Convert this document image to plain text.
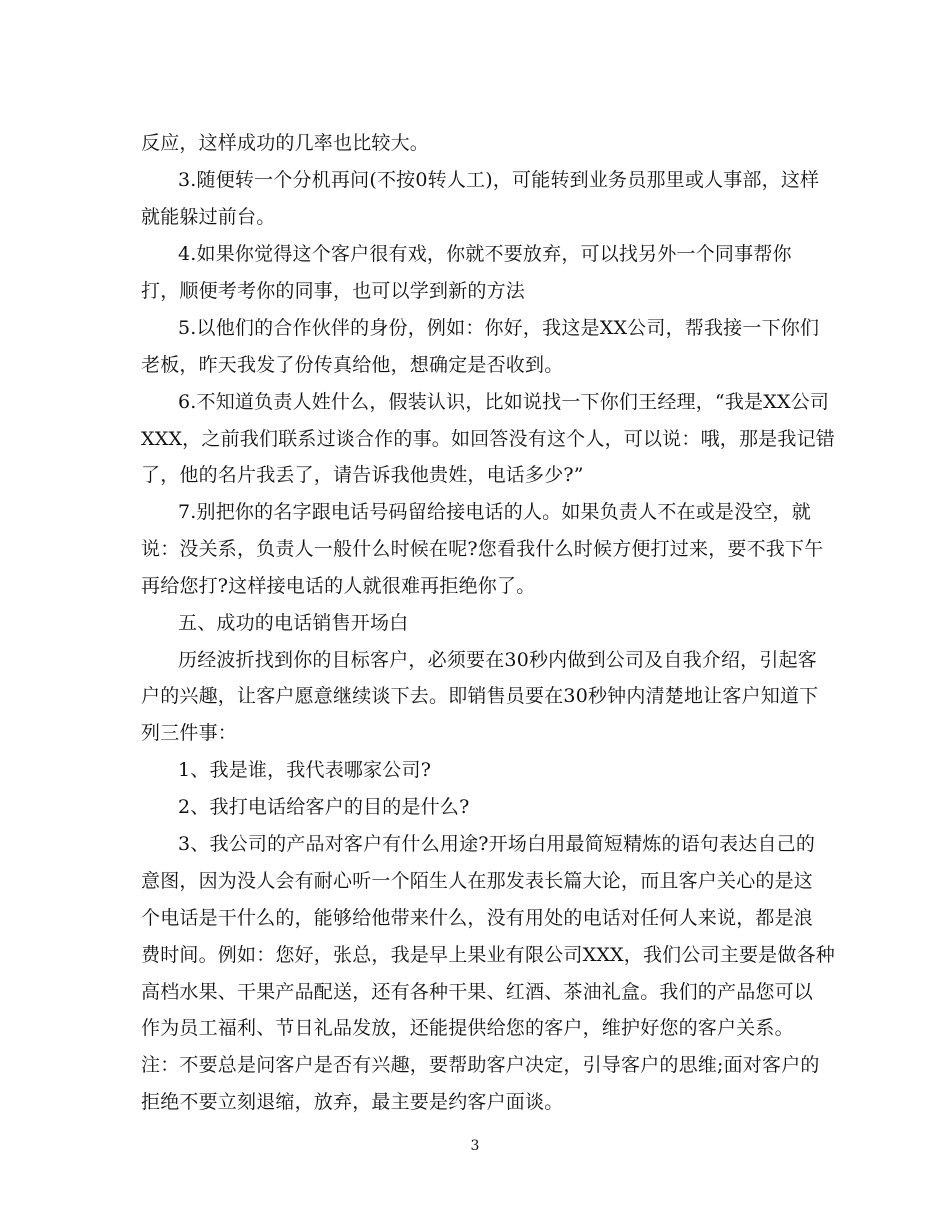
反应，这样成功的几率也比较大。
3.随便转一个分机再问(不按0转人工)，可能转到业务员那里或人事部，这样
就能躲过前台。
4.如果你觉得这个客户很有戏，你就不要放弃，可以找另外一个同事帮你
打，顺便考考你的同事，也可以学到新的方法
5.以他们的合作伙伴的身份，例如：你好，我这是XX公司，帮我接一下你们
老板，昨天我发了份传真给他，想确定是否收到。
6.不知道负责人姓什么，假装认识，比如说找一下你们王经理，“我是XX公司
XXX，之前我们联系过谈合作的事。如回答没有这个人，可以说：哦，那是我记错
了，他的名片我丢了，请告诉我他贵姓，电话多少?”
7.别把你的名字跟电话号码留给接电话的人。如果负责人不在或是没空，就
说：没关系，负责人一般什么时候在呢?您看我什么时候方便打过来，要不我下午
再给您打?这样接电话的人就很难再拒绝你了。
五、成功的电话销售开场白
历经波折找到你的目标客户，必须要在30秒内做到公司及自我介绍，引起客
户的兴趣，让客户愿意继续谈下去。即销售员要在30秒钟内清楚地让客户知道下
列三件事：
1、我是谁，我代表哪家公司?
2、我打电话给客户的目的是什么?
3、我公司的产品对客户有什么用途?开场白用最简短精炼的语句表达自己的
意图，因为没人会有耐心听一个陌生人在那发表长篇大论，而且客户关心的是这
个电话是干什么的，能够给他带来什么，没有用处的电话对任何人来说，都是浪
费时间。例如：您好，张总，我是早上果业有限公司XXX，我们公司主要是做各种
高档水果、干果产品配送，还有各种干果、红酒、茶油礼盒。我们的产品您可以
作为员工福利、节日礼品发放，还能提供给您的客户，维护好您的客户关系。
注：不要总是问客户是否有兴趣，要帮助客户决定，引导客户的思维;面对客户的
拒绝不要立刻退缩，放弃，最主要是约客户面谈。
3
